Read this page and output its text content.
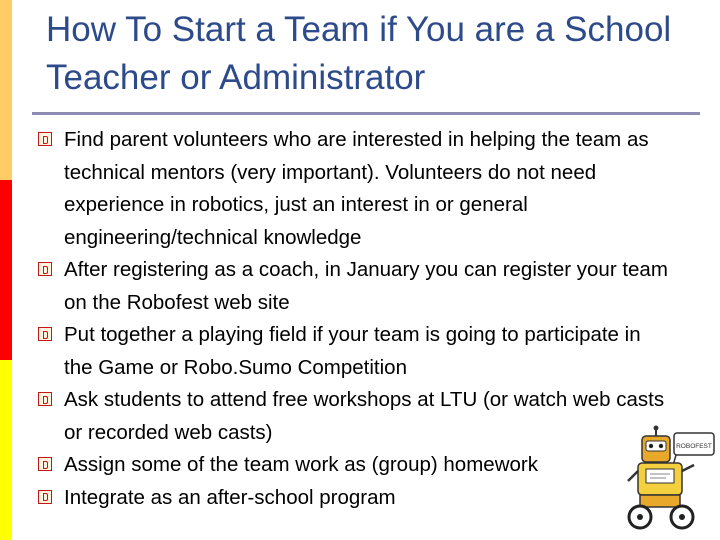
How To Start a Team if You are a School Teacher or Administrator
Find parent volunteers who are interested in helping the team as technical mentors (very important). Volunteers do not need experience in robotics, just an interest in or general engineering/technical knowledge
After registering as a coach, in January you can register your team on the Robofest web site
Put together a playing field if your team is going to participate in the Game or Robo.Sumo Competition
Ask students to attend free workshops at LTU (or watch web casts or recorded web casts)
Assign some of the team work as (group) homework
Integrate as an after-school program
ROBOFEST
